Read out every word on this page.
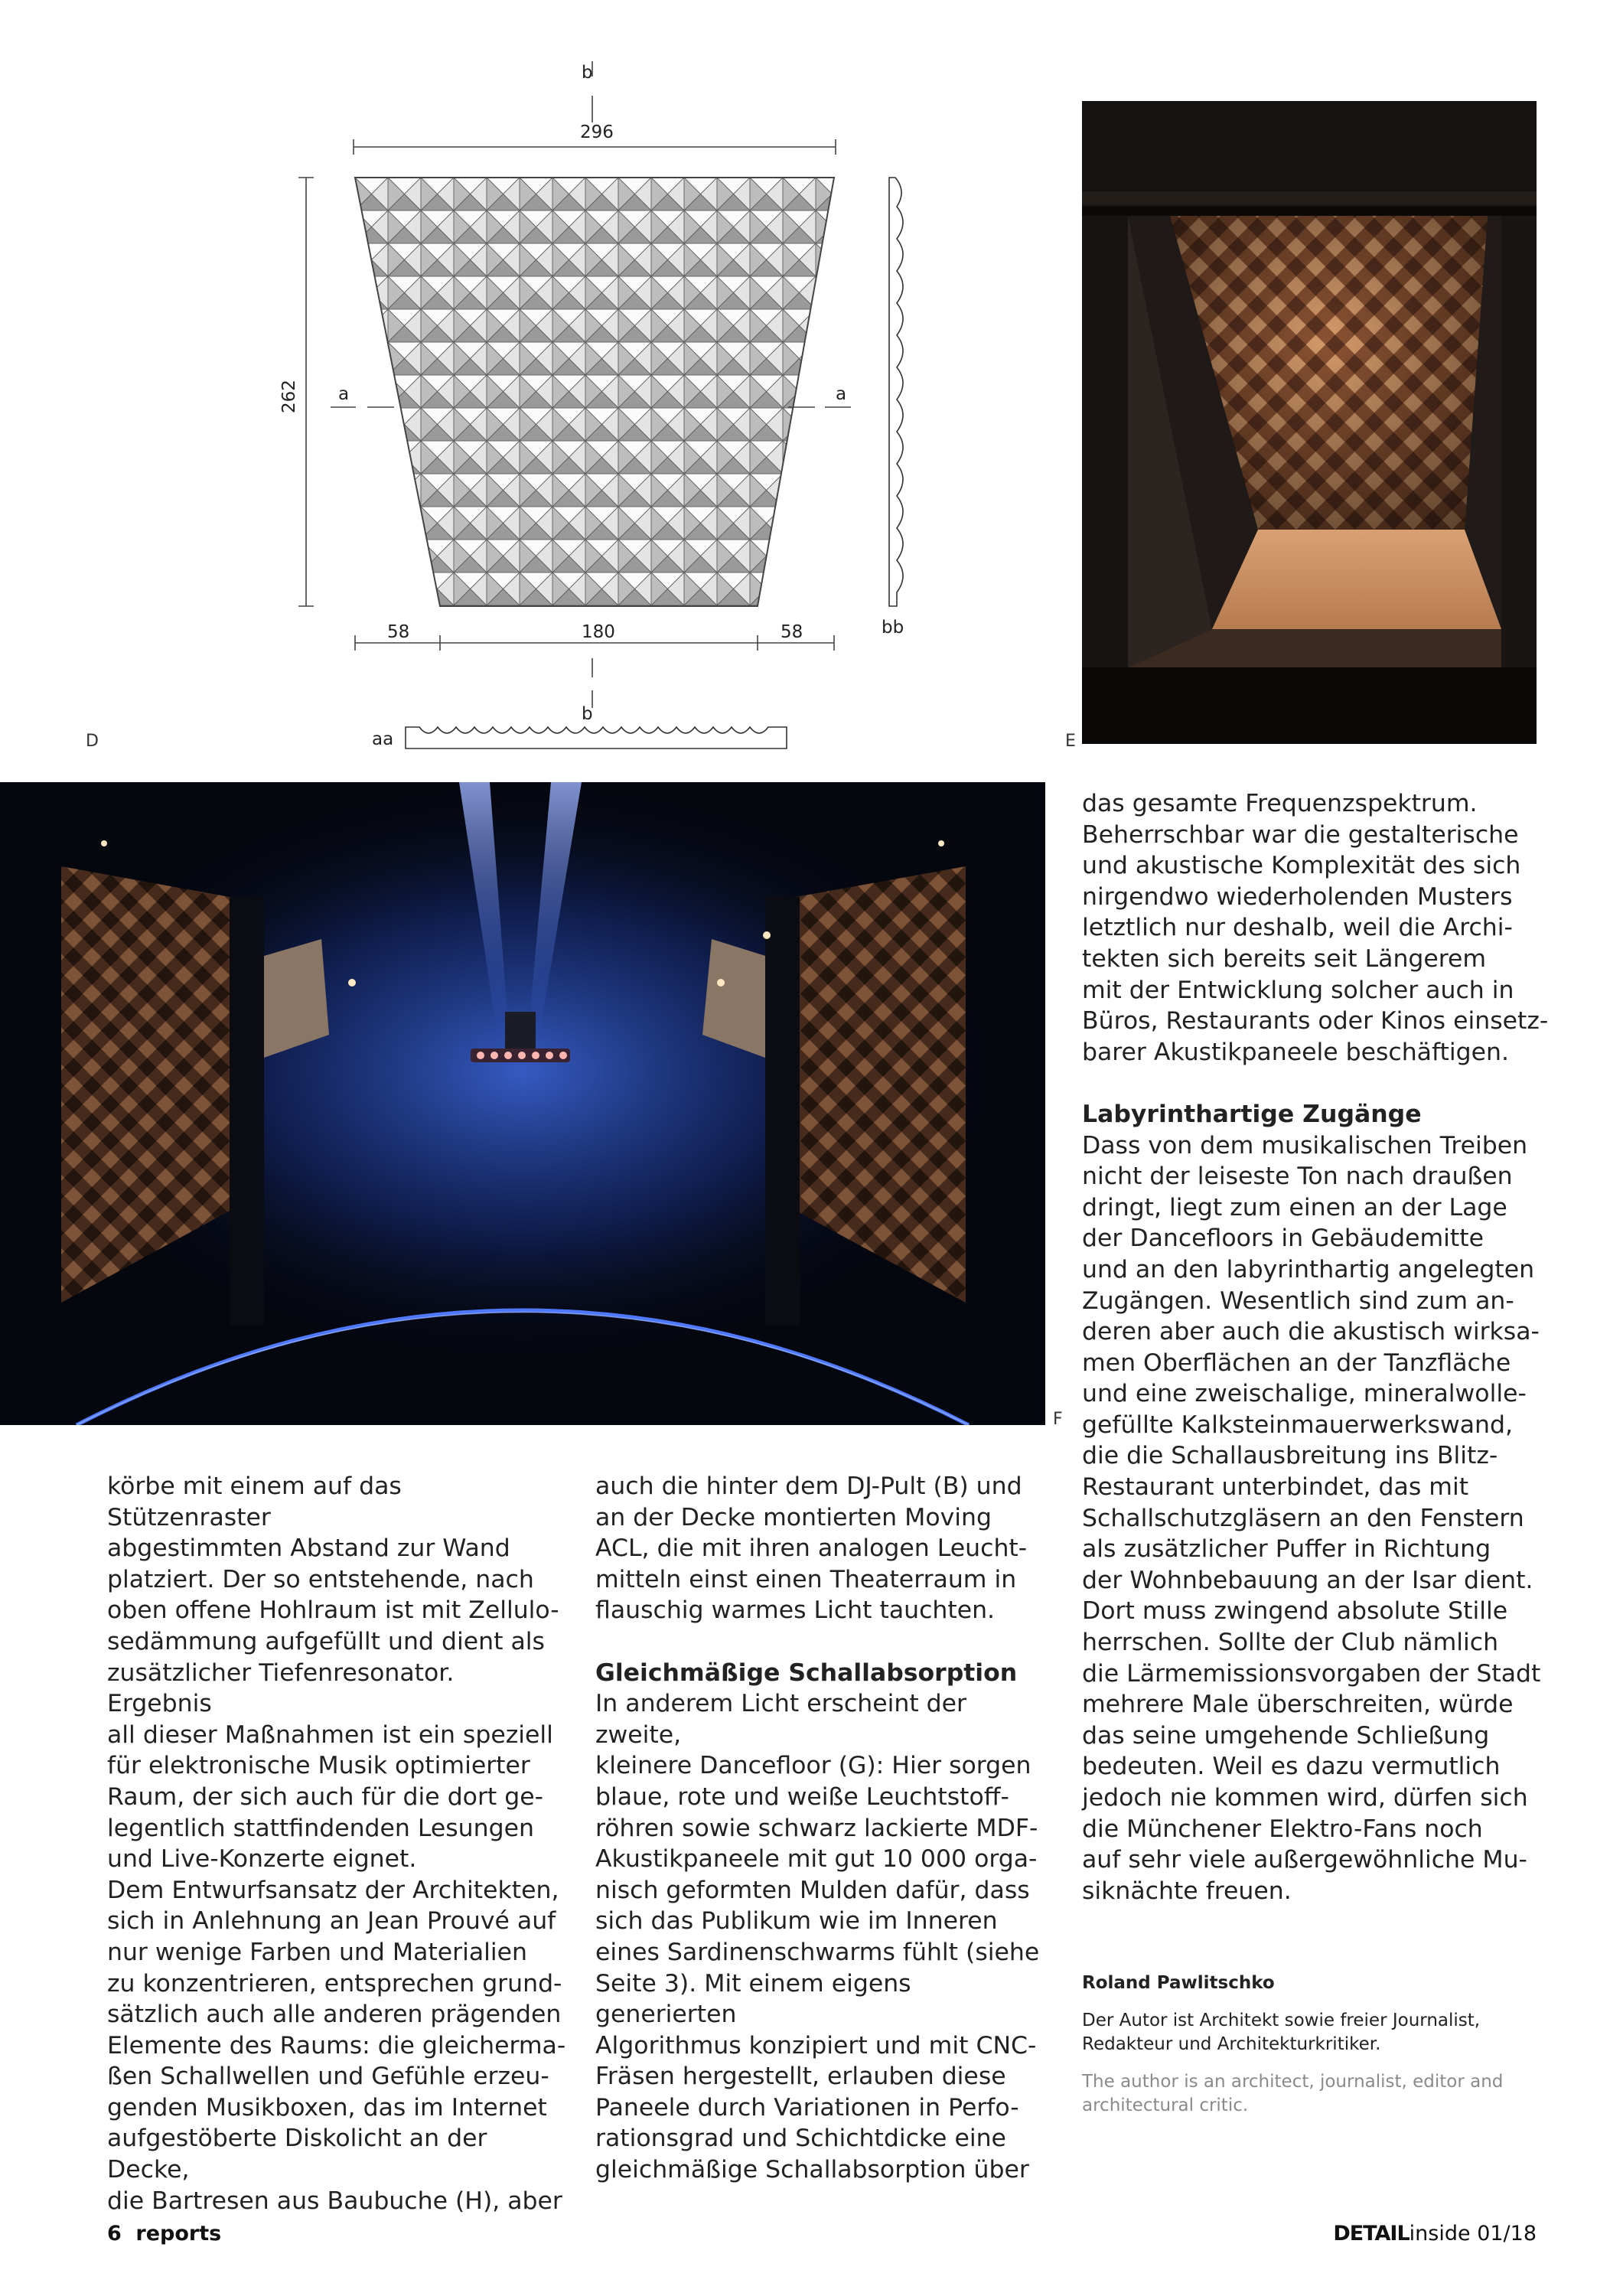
b
296
262 a	a
bb
58	180	58
b
aa
D	E
F
körbe mit einem auf das Stützenraster
abgestimmten Abstand zur Wand
platziert. Der so entstehende, nach
oben offene Hohlraum ist mit Zellulo-
sedämmung aufgefüllt und dient als
zusätzlicher Tiefenresonator. Ergebnis
all dieser Maßnahmen ist ein speziell
für elektronische Musik optimierter
Raum, der sich auch für die dort ge-
legentlich stattfindenden Lesungen
und Live-Konzerte eignet.
Dem Entwurfsansatz der Architekten,
sich in Anlehnung an Jean Prouvé auf
nur wenige Farben und Materialien
zu konzentrieren, entsprechen grund-
sätzlich auch alle anderen prägenden
Elemente des Raums: die gleicherma-
ßen Schallwellen und Gefühle erzeu-
genden Musikboxen, das im Internet
aufgestöberte Diskolicht an der Decke,
die Bartresen aus Baubuche (H), aber
auch die hinter dem DJ-Pult (B) und
an der Decke montierten Moving
ACL, die mit ihren analogen Leucht-
mitteln einst einen Theaterraum in
flauschig warmes Licht tauchten.
Gleichmäßige Schallabsorption
In anderem Licht erscheint der zweite,
kleinere Dancefloor (G): Hier sorgen
blaue, rote und weiße Leuchtstoff-
röhren sowie schwarz lackierte MDF-
Akustikpaneele mit gut 10 000 orga-
nisch geformten Mulden dafür, dass
sich das Publikum wie im Inneren
eines Sardinenschwarms fühlt (siehe
Seite 3). Mit einem eigens generierten
Algorithmus konzipiert und mit CNC-
Fräsen hergestellt, erlauben diese
Paneele durch Variationen in Perfo-
rationsgrad und Schichtdicke eine
gleichmäßige Schallabsorption über
das gesamte Frequenzspektrum.
Beherrschbar war die gestalterische
und akustische Komplexität des sich
nirgendwo wiederholenden Musters
letztlich nur deshalb, weil die Archi-
tekten sich bereits seit Längerem
mit der Entwicklung solcher auch in
Büros, Restaurants oder Kinos einsetz-
barer Akustikpaneele beschäftigen.
Labyrinthartige Zugänge
Dass von dem musikalischen Treiben
nicht der leiseste Ton nach draußen
dringt, liegt zum einen an der Lage
der Dancefloors in Gebäudemitte
und an den labyrinthartig angelegten
Zugängen. Wesentlich sind zum an-
deren aber auch die akustisch wirksa-
men Oberflächen an der Tanzfläche
und eine zweischalige, mineralwolle-
gefüllte Kalksteinmauerwerkswand,
die die Schallausbreitung ins Blitz-
Restaurant unterbindet, das mit
Schallschutzgläsern an den Fenstern
als zusätzlicher Puffer in Richtung
der Wohnbebauung an der Isar dient.
Dort muss zwingend absolute Stille
herrschen. Sollte der Club nämlich
die Lärmemissionsvorgaben der Stadt
mehrere Male überschreiten, würde
das seine umgehende Schließung
bedeuten. Weil es dazu vermutlich
jedoch nie kommen wird, dürfen sich
die Münchener Elektro-Fans noch
auf sehr viele außergewöhnliche Mu-
siknächte freuen.
Roland Pawlitschko
Der Autor ist Architekt sowie freier Journalist,
Redakteur und Architekturkritiker.
The author is an architect, journalist, editor and
architectural critic.
6 reports	DETAILinside 01/18
